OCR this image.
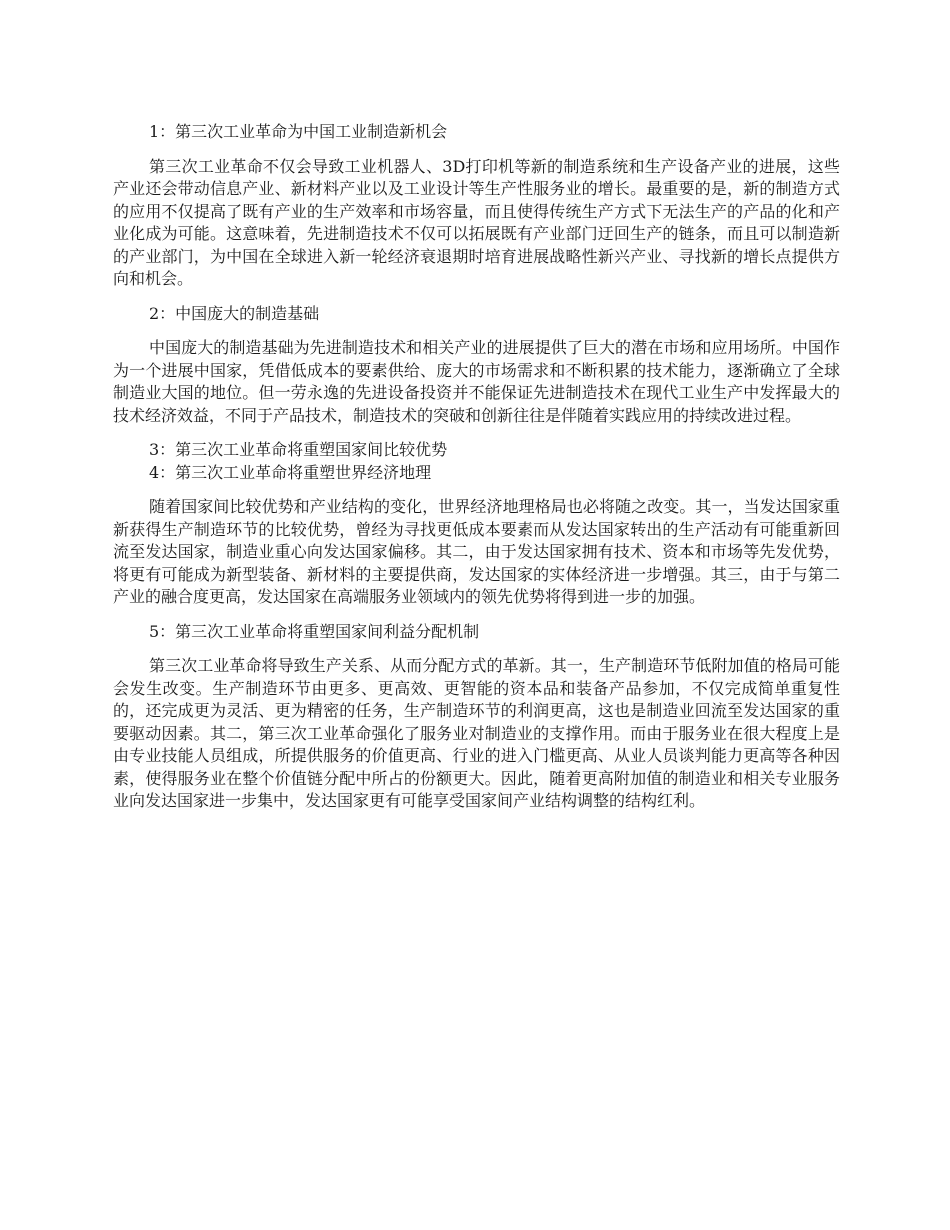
1：第三次工业革命为中国工业制造新机会

第三次工业革命不仅会导致工业机器人、3D打印机等新的制造系统和生产设备产业的进展，这些产业还会带动信息产业、新材料产业以及工业设计等生产性服务业的增长。最重要的是，新的制造方式的应用不仅提高了既有产业的生产效率和市场容量，而且使得传统生产方式下无法生产的产品的化和产业化成为可能。这意味着，先进制造技术不仅可以拓展既有产业部门迂回生产的链条，而且可以制造新的产业部门，为中国在全球进入新一轮经济衰退期时培育进展战略性新兴产业、寻找新的增长点提供方向和机会。

2：中国庞大的制造基础

中国庞大的制造基础为先进制造技术和相关产业的进展提供了巨大的潜在市场和应用场所。中国作为一个进展中国家，凭借低成本的要素供给、庞大的市场需求和不断积累的技术能力，逐渐确立了全球制造业大国的地位。但一劳永逸的先进设备投资并不能保证先进制造技术在现代工业生产中发挥最大的技术经济效益，不同于产品技术，制造技术的突破和创新往往是伴随着实践应用的持续改进过程。

3：第三次工业革命将重塑国家间比较优势

4：第三次工业革命将重塑世界经济地理

随着国家间比较优势和产业结构的变化，世界经济地理格局也必将随之改变。其一，当发达国家重新获得生产制造环节的比较优势，曾经为寻找更低成本要素而从发达国家转出的生产活动有可能重新回流至发达国家，制造业重心向发达国家偏移。其二，由于发达国家拥有技术、资本和市场等先发优势，将更有可能成为新型装备、新材料的主要提供商，发达国家的实体经济进一步增强。其三，由于与第二产业的融合度更高，发达国家在高端服务业领域内的领先优势将得到进一步的加强。

5：第三次工业革命将重塑国家间利益分配机制

第三次工业革命将导致生产关系、从而分配方式的革新。其一，生产制造环节低附加值的格局可能会发生改变。生产制造环节由更多、更高效、更智能的资本品和装备产品参加，不仅完成简单重复性的，还完成更为灵活、更为精密的任务，生产制造环节的利润更高，这也是制造业回流至发达国家的重要驱动因素。其二，第三次工业革命强化了服务业对制造业的支撑作用。而由于服务业在很大程度上是由专业技能人员组成，所提供服务的价值更高、行业的进入门槛更高、从业人员谈判能力更高等各种因素，使得服务业在整个价值链分配中所占的份额更大。因此，随着更高附加值的制造业和相关专业服务业向发达国家进一步集中，发达国家更有可能享受国家间产业结构调整的结构红利。
